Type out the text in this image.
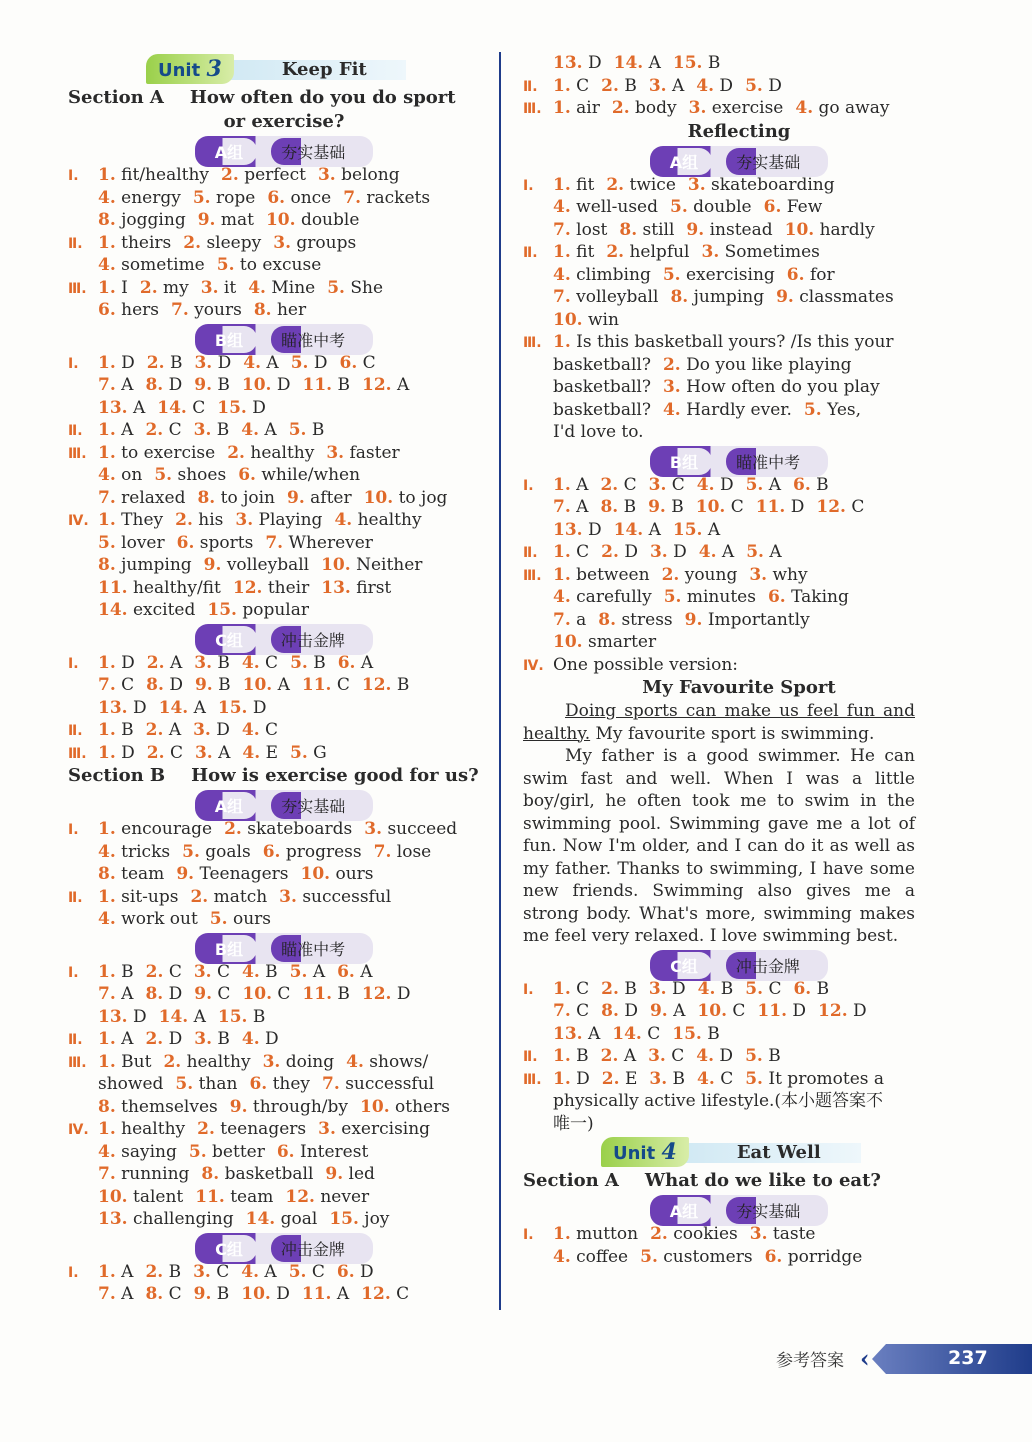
Unit 3	Keep Fit
Section A How often do you do sport
or exercise?
A组 夯实基础
Ⅰ. 1. fit/healthy 2. perfect 3. belong
4. energy 5. rope 6. once 7. rackets
8. jogging 9. mat 10. double
Ⅱ. 1. theirs 2. sleepy 3. groups
4. sometime 5. to excuse
Ⅲ. 1. I 2. my 3. it 4. Mine 5. She
6. hers 7. yours 8. her
B组 瞄准中考
Ⅰ. 1. D 2. B 3. D 4. A 5. D 6. C
7. A 8. D 9. B 10. D 11. B 12. A
13. A 14. C 15. D
Ⅱ. 1. A 2. C 3. B 4. A 5. B
Ⅲ. 1. to exercise 2. healthy 3. faster
4. on 5. shoes 6. while/when
7. relaxed 8. to join 9. after 10. to jog
Ⅳ. 1. They 2. his 3. Playing 4. healthy
5. lover 6. sports 7. Wherever
8. jumping 9. volleyball 10. Neither
11. healthy/fit 12. their 13. first
14. excited 15. popular
C组 冲击金牌
Ⅰ. 1. D 2. A 3. B 4. C 5. B 6. A
7. C 8. D 9. B 10. A 11. C 12. B
13. D 14. A 15. D
Ⅱ. 1. B 2. A 3. D 4. C
Ⅲ. 1. D 2. C 3. A 4. E 5. G
Section B How is exercise good for us?
A组 夯实基础
Ⅰ. 1. encourage 2. skateboards 3. succeed
4. tricks 5. goals 6. progress 7. lose
8. team 9. Teenagers 10. ours
Ⅱ. 1. sit-ups 2. match 3. successful
4. work out 5. ours
B组 瞄准中考
Ⅰ. 1. B 2. C 3. C 4. B 5. A 6. A
7. A 8. D 9. C 10. C 11. B 12. D
13. D 14. A 15. B
Ⅱ. 1. A 2. D 3. B 4. D
Ⅲ. 1. But 2. healthy 3. doing 4. shows/
showed 5. than 6. they 7. successful
8. themselves 9. through/by 10. others
Ⅳ. 1. healthy 2. teenagers 3. exercising
4. saying 5. better 6. Interest
7. running 8. basketball 9. led
10. talent 11. team 12. never
13. challenging 14. goal 15. joy
C组 冲击金牌
Ⅰ. 1. A 2. B 3. C 4. A 5. C 6. D
7. A 8. C 9. B 10. D 11. A 12. C
13. D 14. A 15. B
Ⅱ. 1. C 2. B 3. A 4. D 5. D
Ⅲ. 1. air 2. body 3. exercise 4. go away
Reflecting
A组 夯实基础
Ⅰ. 1. fit 2. twice 3. skateboarding
4. well-used 5. double 6. Few
7. lost 8. still 9. instead 10. hardly
Ⅱ. 1. fit 2. helpful 3. Sometimes
4. climbing 5. exercising 6. for
7. volleyball 8. jumping 9. classmates
10. win
Ⅲ. 1. Is this basketball yours? /Is this your
basketball? 2. Do you like playing
basketball? 3. How often do you play
basketball? 4. Hardly ever. 5. Yes,
I'd love to.
B组 瞄准中考
Ⅰ. 1. A 2. C 3. C 4. D 5. A 6. B
7. A 8. B 9. B 10. C 11. D 12. C
13. D 14. A 15. A
Ⅱ. 1. C 2. D 3. D 4. A 5. A
Ⅲ. 1. between 2. young 3. why
4. carefully 5. minutes 6. Taking
7. a 8. stress 9. Importantly
10. smarter
Ⅳ. One possible version:
My Favourite Sport

Doing sports can make us feel fun and healthy. My favourite sport is swimming.

My father is a good swimmer. He can swim fast and well. When I was a little boy/girl, he often took me to swim in the swimming pool. Swimming gave me a lot of fun. Now I'm older, and I can do it as well as my father. Thanks to swimming, I have some new friends. Swimming also gives me a strong body. What's more, swimming makes me feel very relaxed. I love swimming best.

C组 冲击金牌
Ⅰ. 1. C 2. B 3. D 4. B 5. C 6. B
7. C 8. D 9. A 10. C 11. D 12. D
13. A 14. C 15. B
Ⅱ. 1. B 2. A 3. C 4. D 5. B
Ⅲ. 1. D 2. E 3. B 4. C 5. It promotes a
physically active lifestyle.(本小题答案不
唯一)
Unit 4	Eat Well
Section A What do we like to eat?
A组 夯实基础
Ⅰ. 1. mutton 2. cookies 3. taste
4. coffee 5. customers 6. porridge
参考答案 ‹	237
